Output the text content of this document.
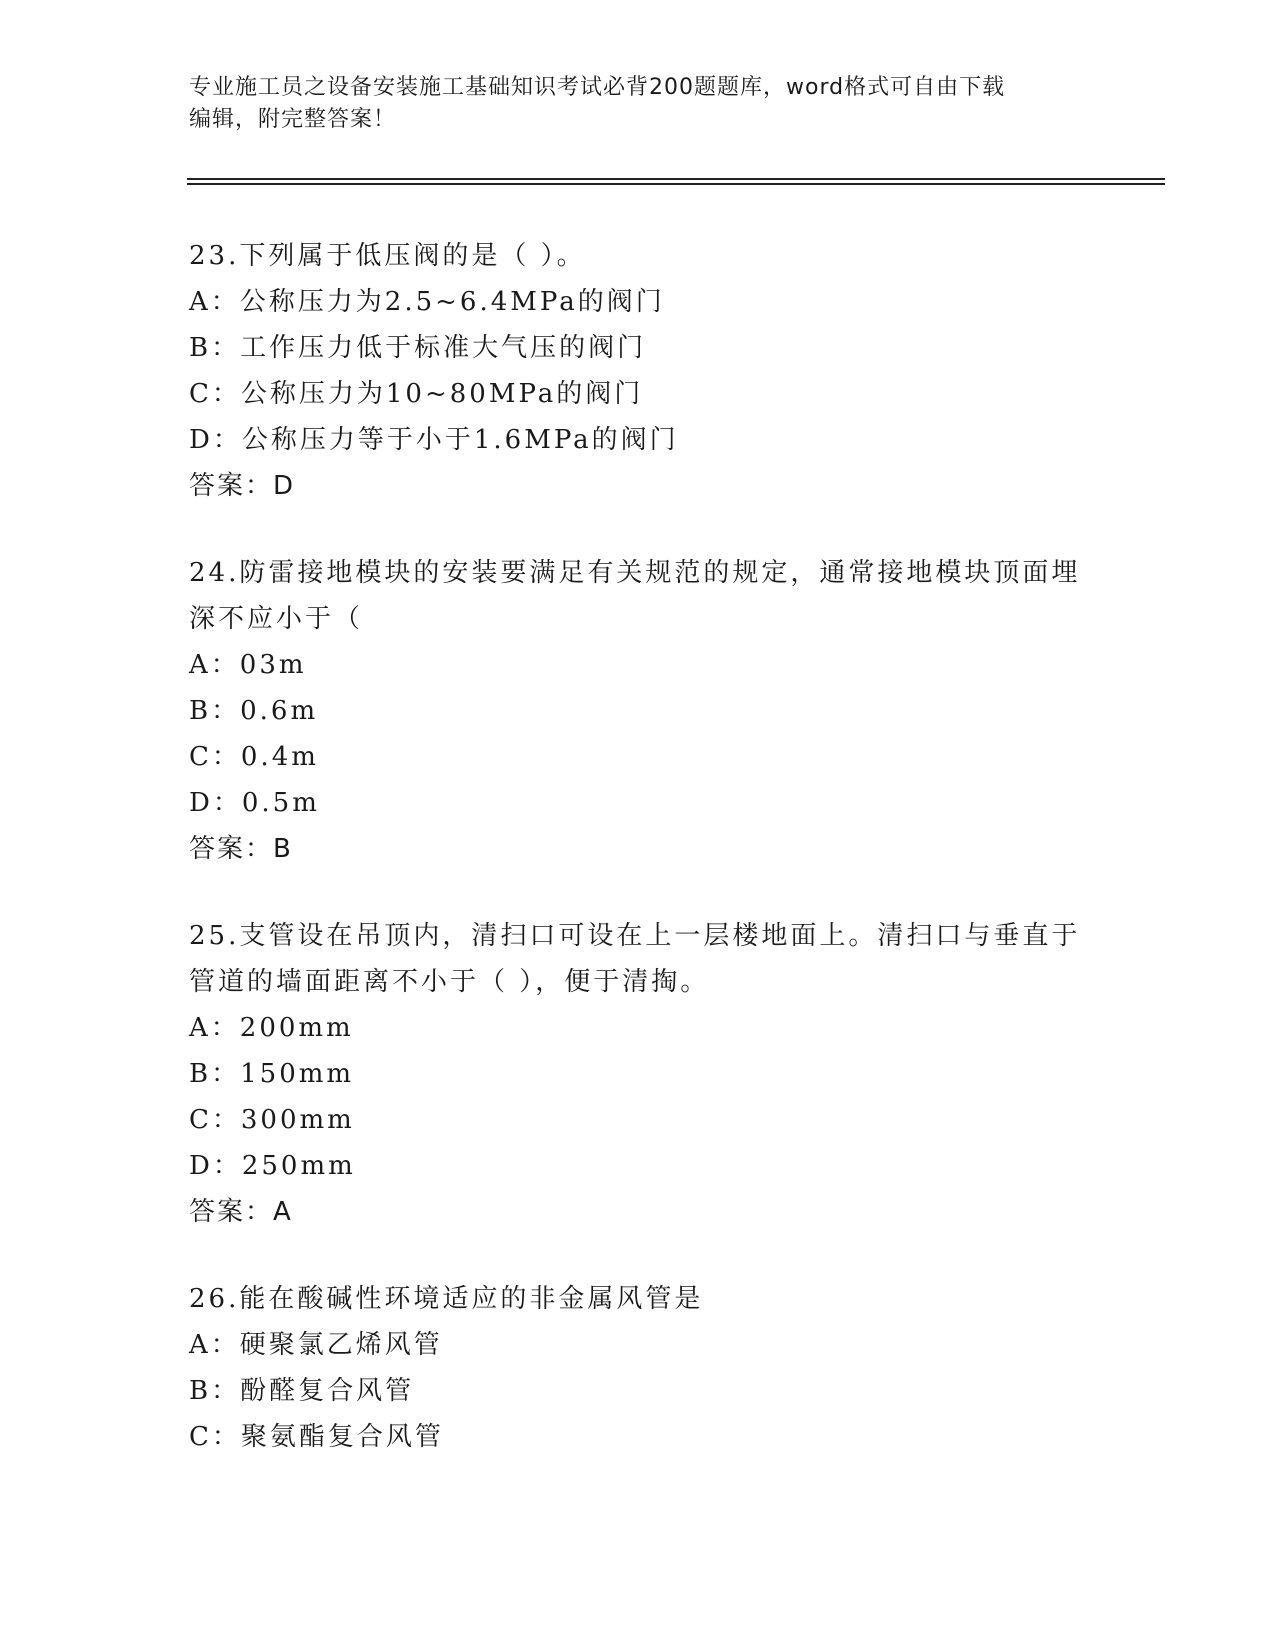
专业施工员之设备安装施工基础知识考试必背200题题库，word格式可自由下载
编辑，附完整答案！
23.下列属于低压阀的是（ ）。
A：公称压力为2.5~6.4MPa的阀门
B：工作压力低于标准大气压的阀门
C：公称压力为10~80MPa的阀门
D：公称压力等于小于1.6MPa的阀门
答案：D
24.防雷接地模块的安装要满足有关规范的规定，通常接地模块顶面埋
深不应小于（
A：03m
B：0.6m
C：0.4m
D：0.5m
答案：B
25.支管设在吊顶内，清扫口可设在上一层楼地面上。清扫口与垂直于
管道的墙面距离不小于（ ），便于清掏。
A：200mm
B：150mm
C：300mm
D：250mm
答案：A
26.能在酸碱性环境适应的非金属风管是
A：硬聚氯乙烯风管
B：酚醛复合风管
C：聚氨酯复合风管
